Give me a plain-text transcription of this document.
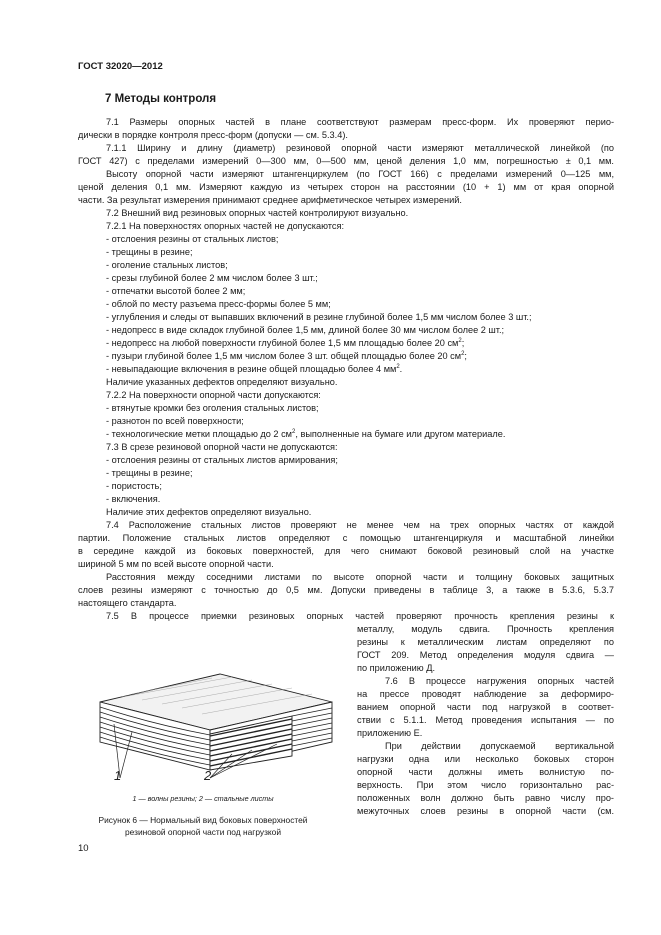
ГОСТ 32020—2012
7 Методы контроля
7.1 Размеры опорных частей в плане соответствуют размерам пресс-форм. Их проверяют перио-
дически в порядке контроля пресс-форм (допуски — см. 5.3.4).
7.1.1 Ширину и длину (диаметр) резиновой опорной части измеряют металлической линейкой (по
ГОСТ 427) с пределами измерений 0—300 мм, 0—500 мм, ценой деления 1,0 мм, погрешностью ± 0,1 мм.
Высоту опорной части измеряют штангенциркулем (по ГОСТ 166) с пределами измерений 0—125 мм,
ценой деления 0,1 мм. Измеряют каждую из четырех сторон на расстоянии (10 + 1) мм от края опорной
части. За результат измерения принимают среднее арифметическое четырех измерений.
7.2 Внешний вид резиновых опорных частей контролируют визуально.
7.2.1 На поверхностях опорных частей не допускаются:
- отслоения резины от стальных листов;
- трещины в резине;
- оголение стальных листов;
- срезы глубиной более 2 мм числом более 3 шт.;
- отпечатки высотой более 2 мм;
- облой по месту разъема пресс-формы более 5 мм;
- углубления и следы от выпавших включений в резине глубиной более 1,5 мм числом более 3 шт.;
- недопресс в виде складок глубиной более 1,5 мм, длиной более 30 мм числом более 2 шт.;
- недопресс на любой поверхности глубиной более 1,5 мм площадью более 20 $см^2$;
- пузыри глубиной более 1,5 мм числом более 3 шт. общей площадью более 20 $см^2$;
- невыпадающие включения в резине общей площадью более 4 $мм^2$.
Наличие указанных дефектов определяют визуально.
7.2.2 На поверхности опорной части допускаются:
- втянутые кромки без оголения стальных листов;
- разнотон по всей поверхности;
- технологические метки площадью до 2 $см^2$, выполненные на бумаге или другом материале.
7.3 В срезе резиновой опорной части не допускаются:
- отслоения резины от стальных листов армирования;
- трещины в резине;
- пористость;
- включения.
Наличие этих дефектов определяют визуально.
7.4 Расположение стальных листов проверяют не менее чем на трех опорных частях от каждой
партии. Положение стальных листов определяют с помощью штангенциркуля и масштабной линейки
в середине каждой из боковых поверхностей, для чего снимают боковой резиновый слой на участке
шириной 5 мм по всей высоте опорной части.
Расстояния между соседними листами по высоте опорной части и толщину боковых защитных
слоев резины измеряют с точностью до 0,5 мм. Допуски приведены в таблице 3, а также в 5.3.6, 5.3.7
настоящего стандарта.
7.5 В процессе приемки резиновых опорных частей проверяют прочность крепления резины к
металлу, модуль сдвига. Прочность крепления
резины к металлическим листам определяют по
ГОСТ 209. Метод определения модуля сдвига —
по приложению Д.
7.6 В процессе нагружения опорных частей
на прессе проводят наблюдение за деформиро-
ванием опорной части под нагрузкой в соответ-
ствии с 5.1.1. Метод проведения испытания — по
приложению Е.
При действии допускаемой вертикальной
нагрузки одна или несколько боковых сторон
опорной части должны иметь волнистую по-
верхность. При этом число горизонтально рас-
положенных волн должно быть равно числу про-
межуточных слоев резины в опорной части (см.
1	2
1 — волны резины; 2 — стальные листы
Рисунок 6 — Нормальный вид боковых поверхностей
резиновой опорной части под нагрузкой
10
